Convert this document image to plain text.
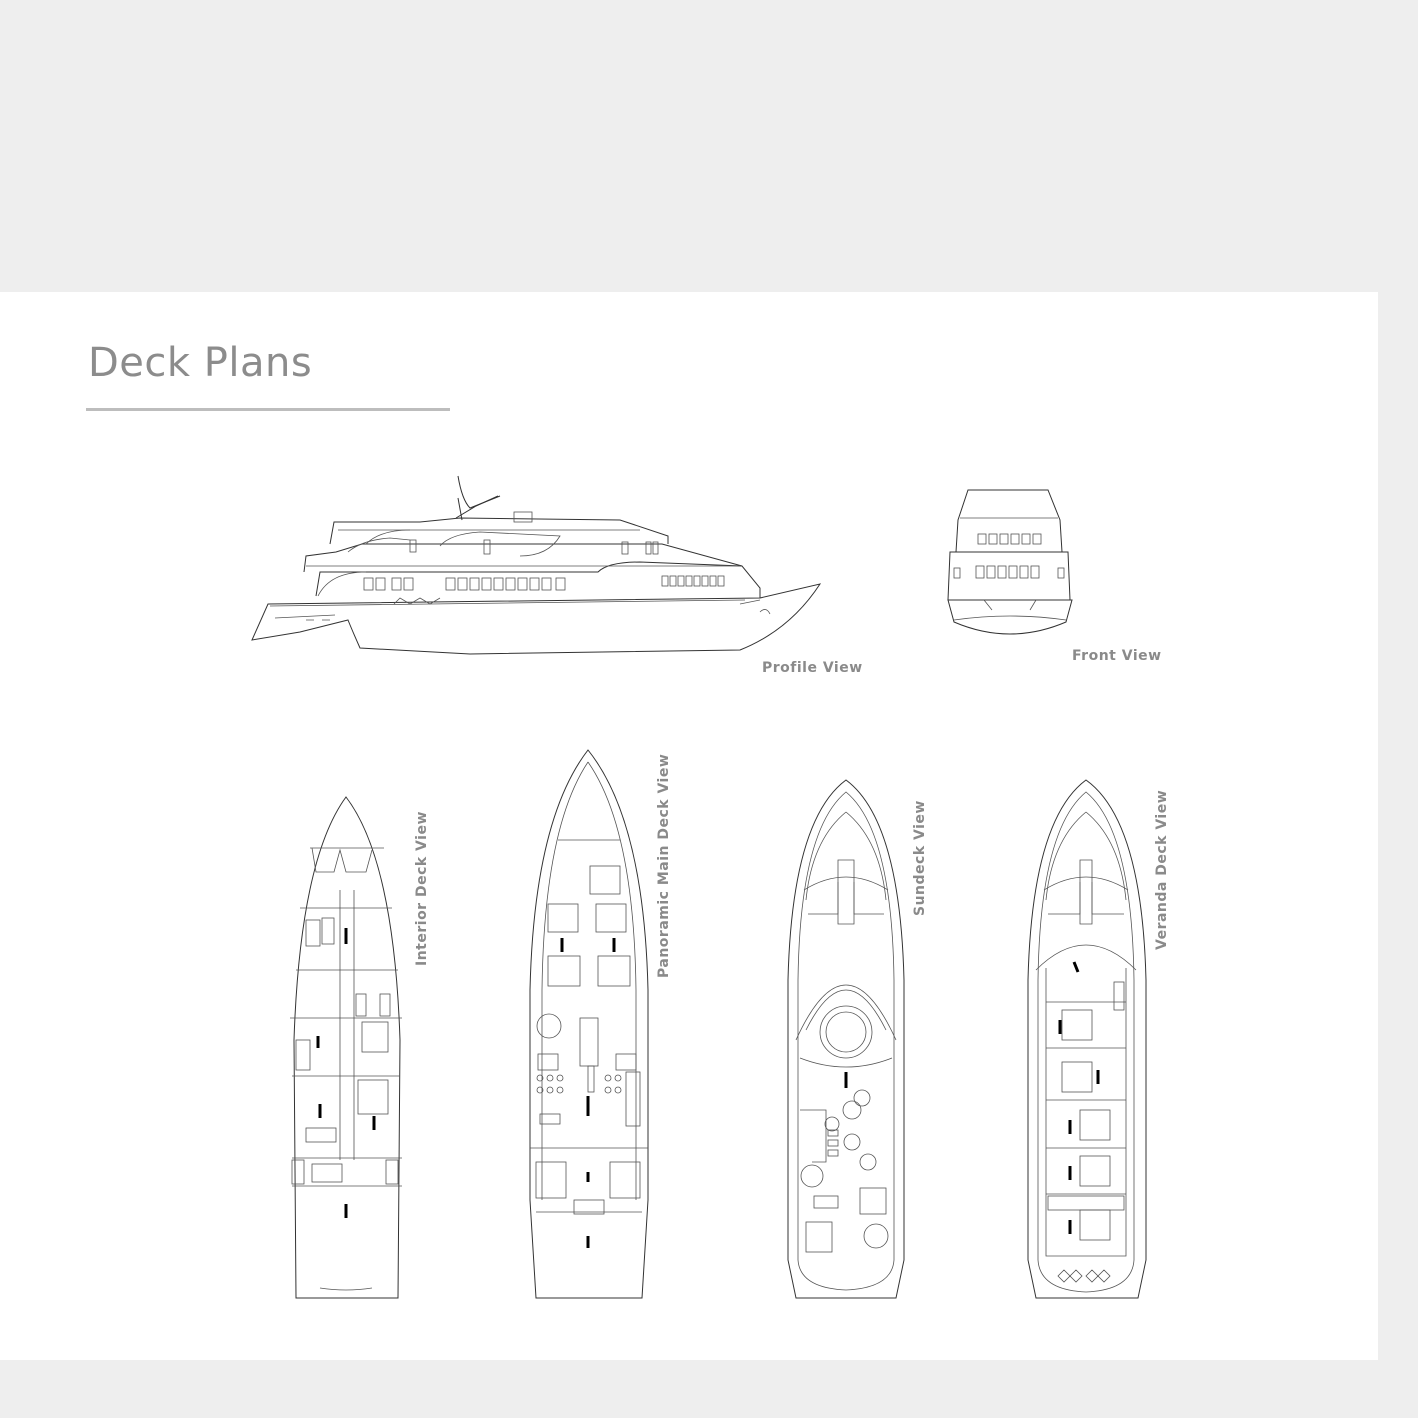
Deck Plans
Profile View
Front View
Interior Deck View	Panoramic Main Deck View	Sundeck View	Veranda Deck View
